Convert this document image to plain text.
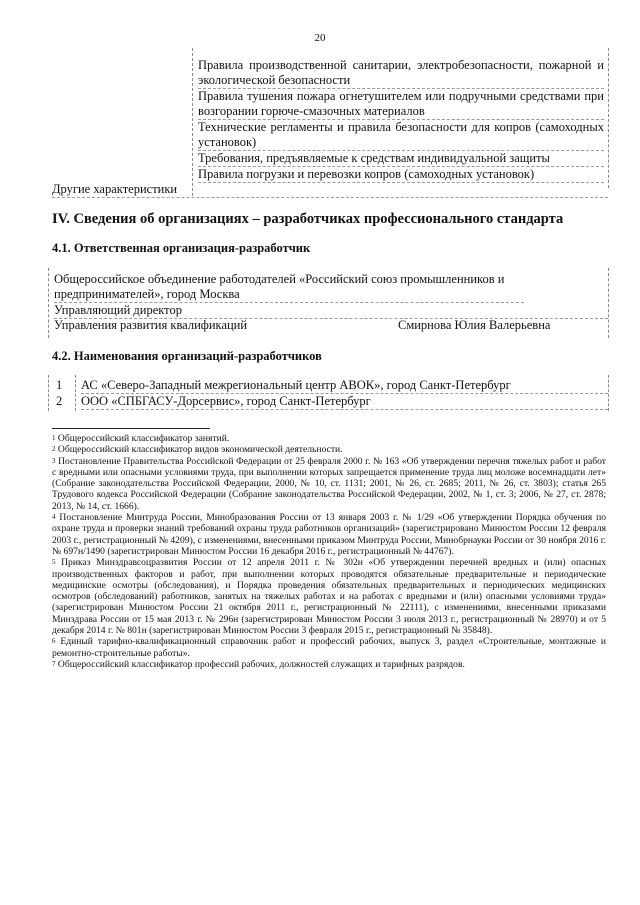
20
Правила производственной санитарии, электробезопасности, пожарной и экологической безопасности
Правила тушения пожара огнетушителем или подручными средствами при возгорании горюче-смазочных материалов
Технические регламенты и правила безопасности для копров (самоходных установок)
Требования, предъявляемые к средствам индивидуальной защиты
Правила погрузки и перевозки копров (самоходных установок)
Другие характеристики
IV. Сведения об организациях – разработчиках профессионального стандарта
4.1. Ответственная организация-разработчик
Общероссийское объединение работодателей «Российский союз промышленников и предпринимателей», город Москва
Управляющий директор
Управления развития квалификаций	Смирнова Юлия Валерьевна
4.2. Наименования организаций-разработчиков
1 АС «Северо-Западный межрегиональный центр АВОК», город Санкт-Петербург
2 ООО «СПБГАСУ-Дорсервис», город Санкт-Петербург
$^1$ Общероссийский классификатор занятий.
$^2$ Общероссийский классификатор видов экономической деятельности.
$^3$ Постановление Правительства Российской Федерации от 25 февраля 2000 г. № 163 «Об утверждении перечня тяжелых работ и работ с вредными или опасными условиями труда, при выполнении которых запрещается применение труда лиц моложе восемнадцати лет» (Собрание законодательства Российской Федерации, 2000, № 10, ст. 1131; 2001, № 26, ст. 2685; 2011, № 26, ст. 3803); статья 265 Трудового кодекса Российской Федерации (Собрание законодательства Российской Федерации, 2002, № 1, ст. 3; 2006, № 27, ст. 2878; 2013, № 14, ст. 1666).
$^4$ Постановление Минтруда России, Минобразования России от 13 января 2003 г. № 1/29 «Об утверждении Порядка обучения по охране труда и проверки знаний требований охраны труда работников организаций» (зарегистрировано Минюстом России 12 февраля 2003 г., регистрационный № 4209), с изменениями, внесенными приказом Минтруда России, Минобрнауки России от 30 ноября 2016 г. № 697н/1490 (зарегистрирован Минюстом России 16 декабря 2016 г., регистрационный № 44767).
$^5$ Приказ Минздравсоцразвития России от 12 апреля 2011 г. № 302н «Об утверждении перечней вредных и (или) опасных производственных факторов и работ, при выполнении которых проводятся обязательные предварительные и периодические медицинские осмотры (обследования), и Порядка проведения обязательных предварительных и периодических медицинских осмотров (обследований) работников, занятых на тяжелых работах и на работах с вредными и (или) опасными условиями труда» (зарегистрирован Минюстом России 21 октября 2011 г., регистрационный № 22111), с изменениями, внесенными приказами Минздрава России от 15 мая 2013 г. № 296н (зарегистрирован Минюстом России 3 июля 2013 г., регистрационный № 28970) и от 5 декабря 2014 г. № 801н (зарегистрирован Минюстом России 3 февраля 2015 г., регистрационный № 35848).
$^6$ Единый тарифно-квалификационный справочник работ и профессий рабочих, выпуск 3, раздел «Строительные, монтажные и ремонтно-строительные работы».
$^7$ Общероссийский классификатор профессий рабочих, должностей служащих и тарифных разрядов.
